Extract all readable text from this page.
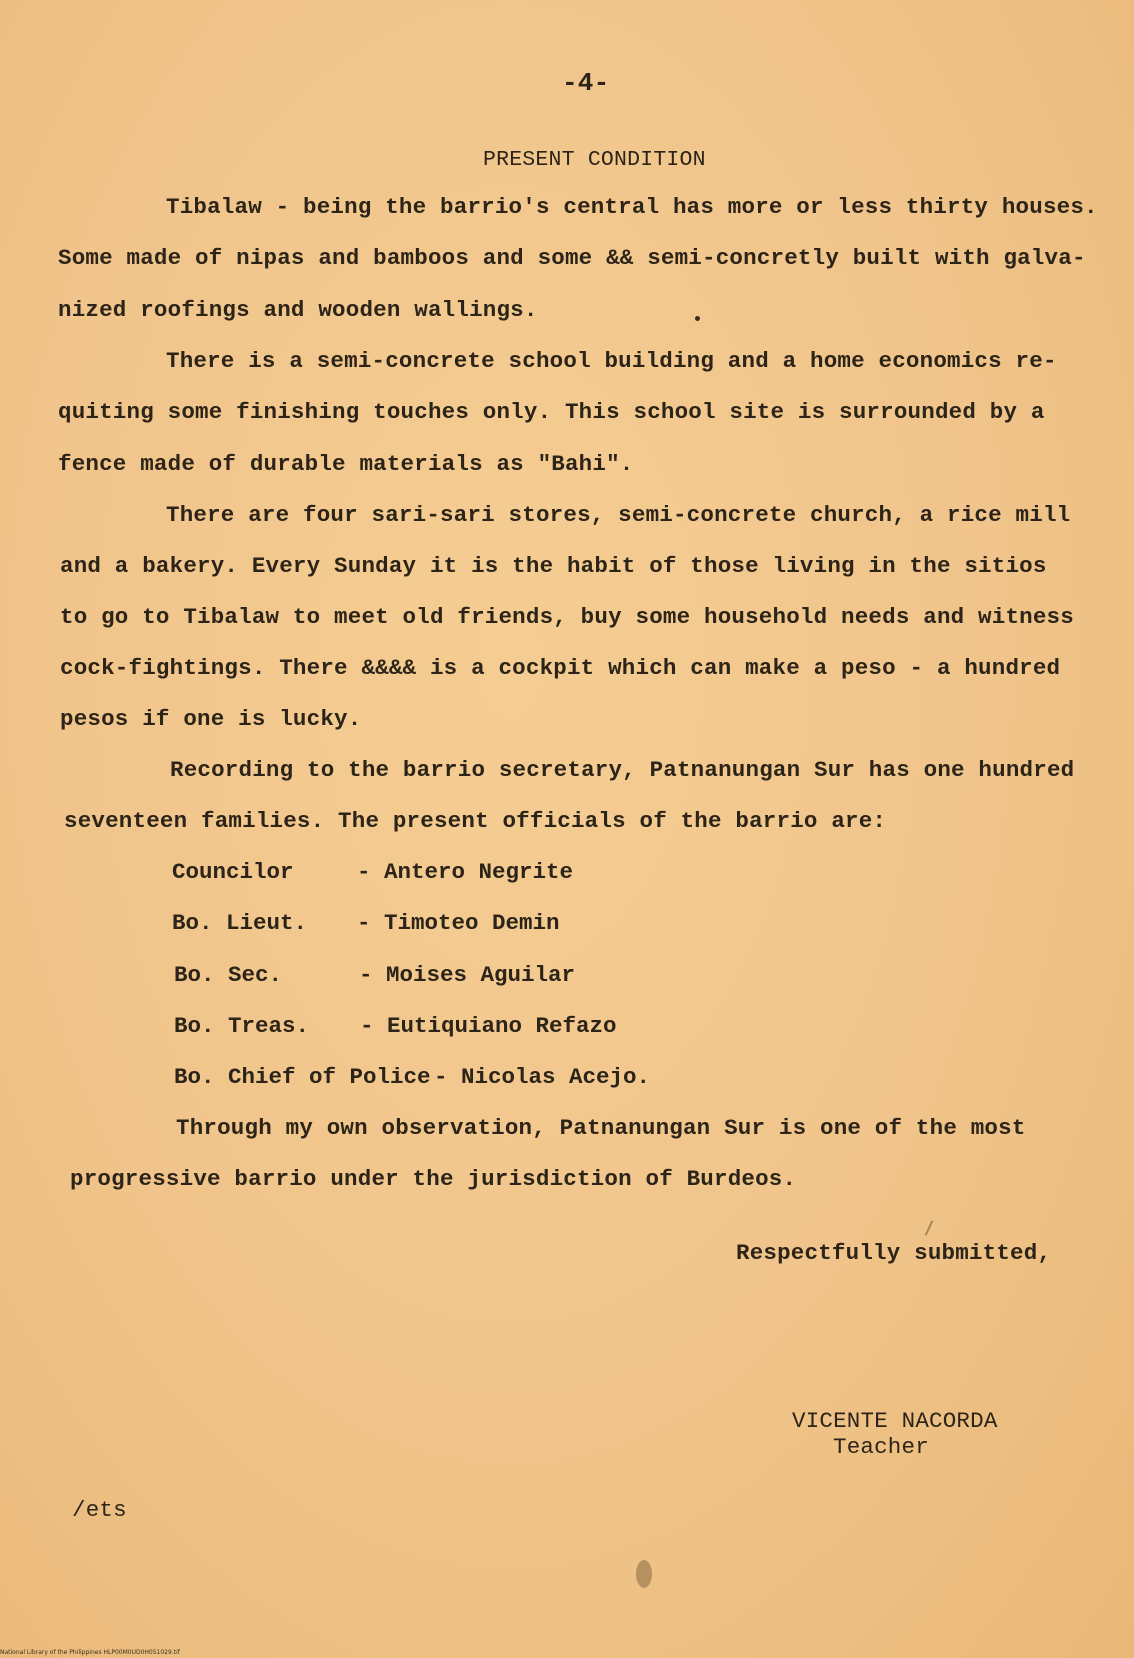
-4-

PRESENT CONDITION

Tibalaw - being the barrio's central has more or less thirty houses.

Some made of nipas and bamboos and some && semi-concretly built with galva-

nized roofings and wooden wallings.

There is a semi-concrete school building and a home economics re-

quiting some finishing touches only. This school site is surrounded by a

fence made of durable materials as "Bahi".

There are four sari-sari stores, semi-concrete church, a rice mill

and a bakery. Every Sunday it is the habit of those living in the sitios

to go to Tibalaw to meet old friends, buy some household needs and witness

cock-fightings. There &&&& is a cockpit which can make a peso - a hundred

pesos if one is lucky.

Recording to the barrio secretary, Patnanungan Sur has one hundred

seventeen families. The present officials of the barrio are:

Councilor	- Antero Negrite

Bo. Lieut. - Timoteo Demin

Bo. Sec.	- Moises Aguilar

Bo. Treas. - Eutiquiano Refazo

Bo. Chief of Police - Nicolas Acejo.

Through my own observation, Patnanungan Sur is one of the most

progressive barrio under the jurisdiction of Burdeos.

Respectfully submitted,

VICENTE NACORDA

Teacher

/ets

National Library of the Philippines HLP00M0UD0H051029.tif
